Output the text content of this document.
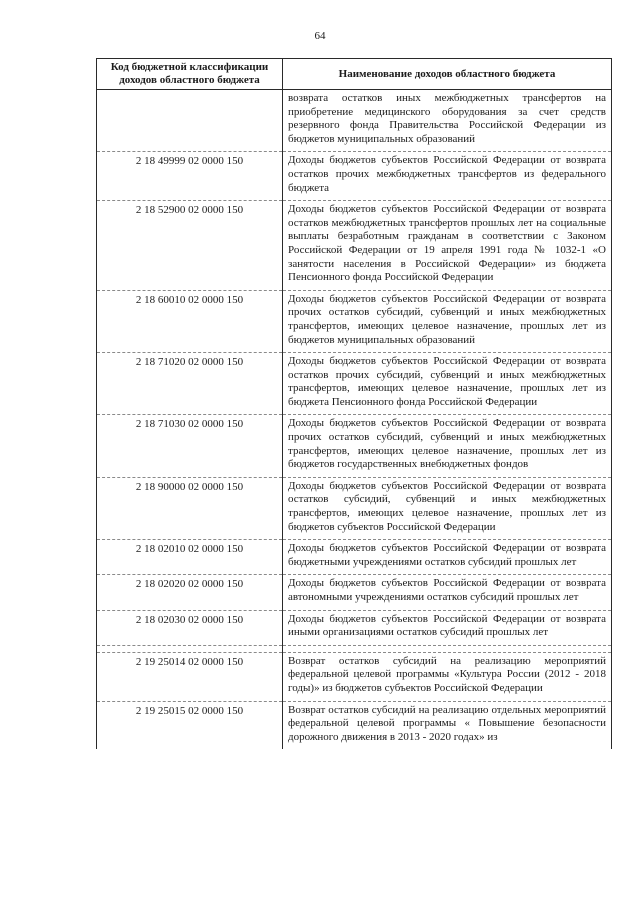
64
Код бюджетной классификации доходов областного бюджета	Наименование доходов областного бюджета
	возврата остатков иных межбюджетных трансфертов на приобретение медицинского оборудования за счет средств резервного фонда Правительства Российской Федерации из бюджетов муниципальных образований
2 18 49999 02 0000 150	Доходы бюджетов субъектов Российской Федерации от возврата остатков прочих межбюджетных трансфертов из федерального бюджета
2 18 52900 02 0000 150	Доходы бюджетов субъектов Российской Федерации от возврата остатков межбюджетных трансфертов прошлых лет на социальные выплаты безработным гражданам в соответствии с Законом Российской Федерации от 19 апреля 1991 года № 1032-1 «О занятости населения в Российской Федерации» из бюджета Пенсионного фонда Российской Федерации
2 18 60010 02 0000 150	Доходы бюджетов субъектов Российской Федерации от возврата прочих остатков субсидий, субвенций и иных межбюджетных трансфертов, имеющих целевое назначение, прошлых лет из бюджетов муниципальных образований
2 18 71020 02 0000 150	Доходы бюджетов субъектов Российской Федерации от возврата остатков прочих субсидий, субвенций и иных межбюджетных трансфертов, имеющих целевое назначение, прошлых лет из бюджета Пенсионного фонда Российской Федерации
2 18 71030 02 0000 150	Доходы бюджетов субъектов Российской Федерации от возврата прочих остатков субсидий, субвенций и иных межбюджетных трансфертов, имеющих целевое назначение, прошлых лет из бюджетов государственных внебюджетных фондов
2 18 90000 02 0000 150	Доходы бюджетов субъектов Российской Федерации от возврата остатков субсидий, субвенций и иных межбюджетных трансфертов, имеющих целевое назначение, прошлых лет из бюджетов субъектов Российской Федерации
2 18 02010 02 0000 150	Доходы бюджетов субъектов Российской Федерации от возврата бюджетными учреждениями остатков субсидий прошлых лет
2 18 02020 02 0000 150	Доходы бюджетов субъектов Российской Федерации от возврата автономными учреждениями остатков субсидий прошлых лет
2 18 02030 02 0000 150	Доходы бюджетов субъектов Российской Федерации от возврата иными организациями остатков субсидий прошлых лет

2 19 25014 02 0000 150	Возврат остатков субсидий на реализацию мероприятий федеральной целевой программы «Культура России (2012 - 2018 годы)» из бюджетов субъектов Российской Федерации
2 19 25015 02 0000 150	Возврат остатков субсидий на реализацию отдельных мероприятий федеральной целевой программы « Повышение безопасности дорожного движения в 2013 - 2020 годах» из
